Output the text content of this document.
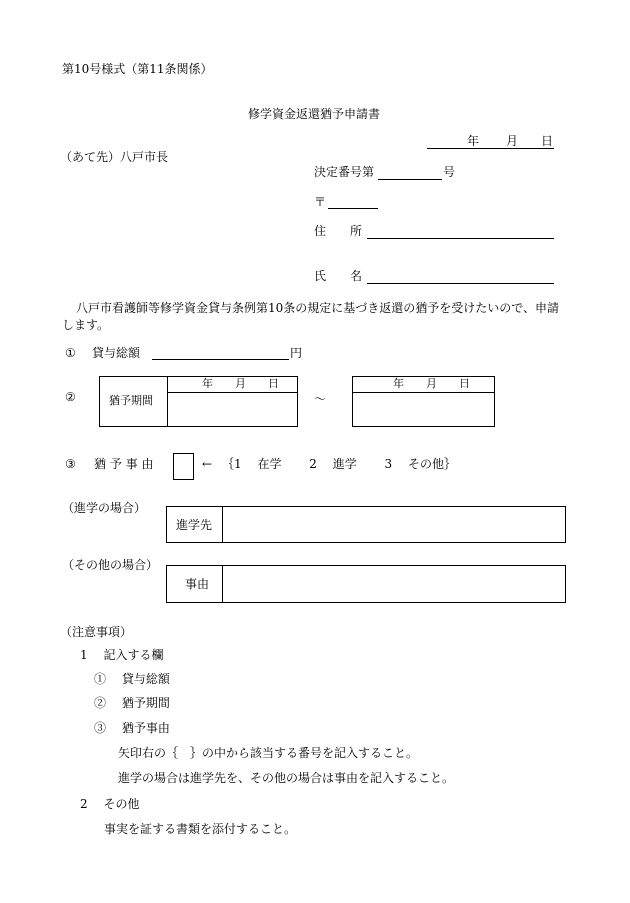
第10号様式（第11条関係）
修学資金返還猶予申請書
年 月 日
（あて先）八戸市長
決定番号第	号
〒
住　　所
氏　　名
八戸市看護師等修学資金貸与条例第10条の規定に基づき返還の猶予を受けたいので、申請
します。
① 貸与総額	円
②	猶予期間
年　　月　　日
～
年　　月　　日
③ 猶 予 事 由	← ｛1　 在学　　 2　 進学　　 3　 その他｝
（進学の場合）
進学先
（その他の場合）
事由
（注意事項）
1　 記入する欄
①　 貸与総額
②　 猶予期間
③　 猶予事由
矢印右の｛　｝の中から該当する番号を記入すること。
進学の場合は進学先を、その他の場合は事由を記入すること。
2　 その他
事実を証する書類を添付すること。
